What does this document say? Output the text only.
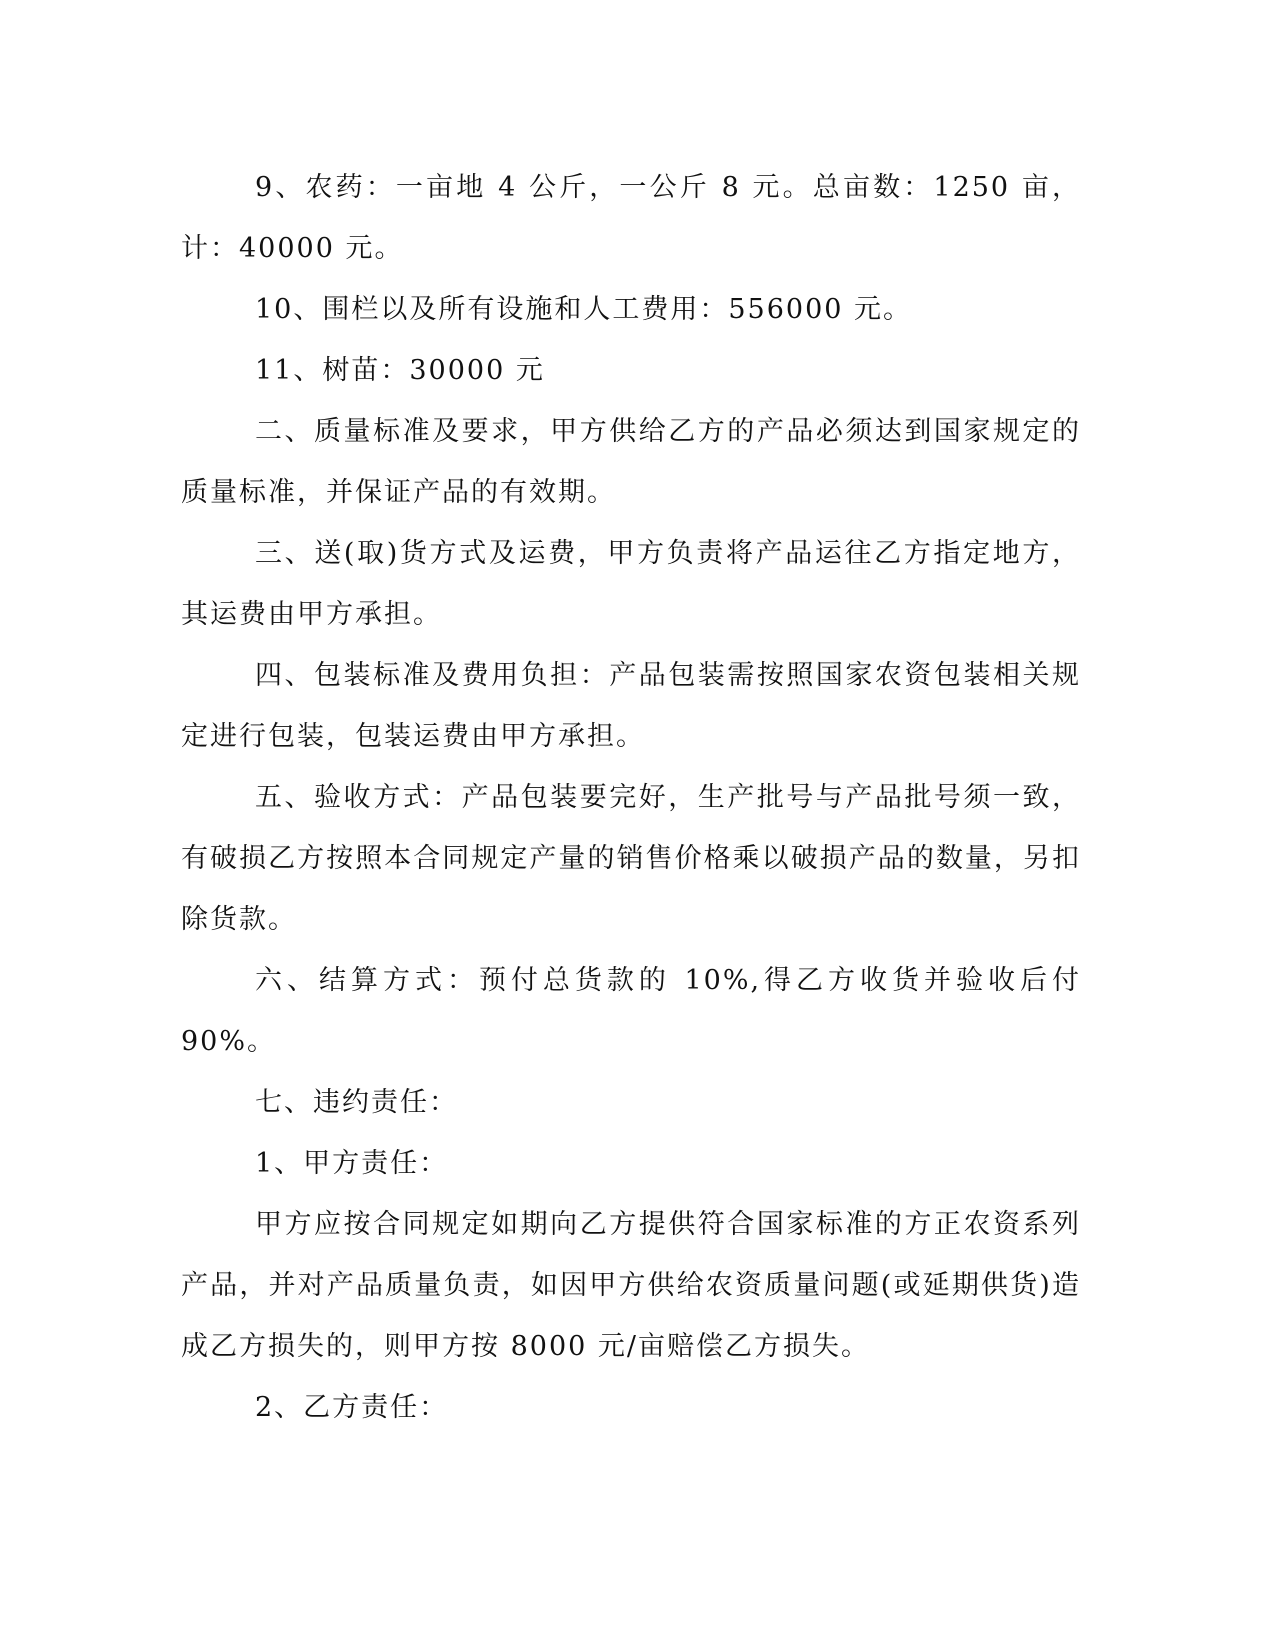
9、农药：一亩地 4 公斤，一公斤 8 元。总亩数：1250 亩，计：40000 元。

10、围栏以及所有设施和人工费用：556000 元。

11、树苗：30000 元

二、质量标准及要求，甲方供给乙方的产品必须达到国家规定的质量标准，并保证产品的有效期。

三、送(取)货方式及运费，甲方负责将产品运往乙方指定地方，其运费由甲方承担。

四、包装标准及费用负担：产品包装需按照国家农资包装相关规定进行包装，包装运费由甲方承担。

五、验收方式：产品包装要完好，生产批号与产品批号须一致，有破损乙方按照本合同规定产量的销售价格乘以破损产品的数量，另扣除货款。

六、结算方式：预付总货款的 10%,得乙方收货并验收后付 90%。

七、违约责任：

1、甲方责任：

甲方应按合同规定如期向乙方提供符合国家标准的方正农资系列产品，并对产品质量负责，如因甲方供给农资质量问题(或延期供货)造成乙方损失的，则甲方按 8000 元/亩赔偿乙方损失。

2、乙方责任：
